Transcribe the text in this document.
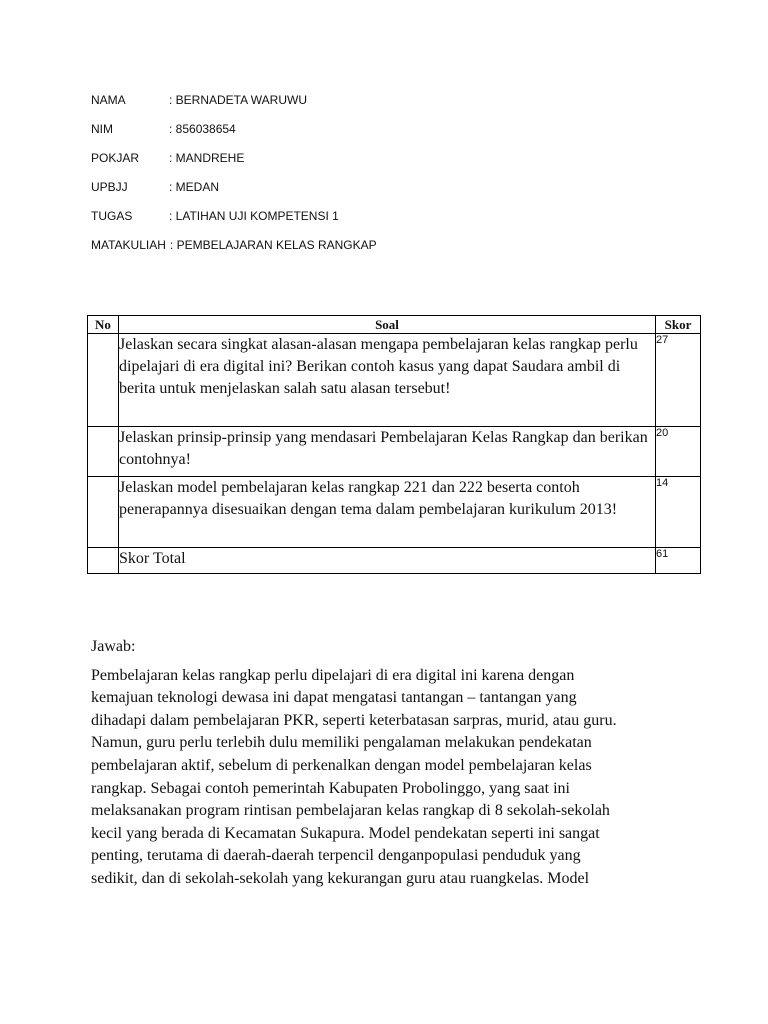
NAMA	: BERNADETA WARUWU
NIM	: 856038654
POKJAR : MANDREHE
UPBJJ	: MEDAN
TUGAS	: LATIHAN UJI KOMPETENSI 1
MATAKULIAH : PEMBELAJARAN KELAS RANGKAP
No	Soal	Skor
	Jelaskan secara singkat alasan-alasan mengapa pembelajaran kelas rangkap perlu dipelajari di era digital ini? Berikan contoh kasus yang dapat Saudara ambil di berita untuk menjelaskan salah satu alasan tersebut!	27
	Jelaskan prinsip-prinsip yang mendasari Pembelajaran Kelas Rangkap dan berikan contohnya!	20
	Jelaskan model pembelajaran kelas rangkap 221 dan 222 beserta contoh penerapannya disesuaikan dengan tema dalam pembelajaran kurikulum 2013!	14
	Skor Total	61
Jawab:
Pembelajaran kelas rangkap perlu dipelajari di era digital ini karena dengan
kemajuan teknologi dewasa ini dapat mengatasi tantangan – tantangan yang
dihadapi dalam pembelajaran PKR, seperti keterbatasan sarpras, murid, atau guru.
Namun, guru perlu terlebih dulu memiliki pengalaman melakukan pendekatan
pembelajaran aktif, sebelum di perkenalkan dengan model pembelajaran kelas
rangkap. Sebagai contoh pemerintah Kabupaten Probolinggo, yang saat ini
melaksanakan program rintisan pembelajaran kelas rangkap di 8 sekolah-sekolah
kecil yang berada di Kecamatan Sukapura. Model pendekatan seperti ini sangat
penting, terutama di daerah-daerah terpencil denganpopulasi penduduk yang
sedikit, dan di sekolah-sekolah yang kekurangan guru atau ruangkelas. Model
